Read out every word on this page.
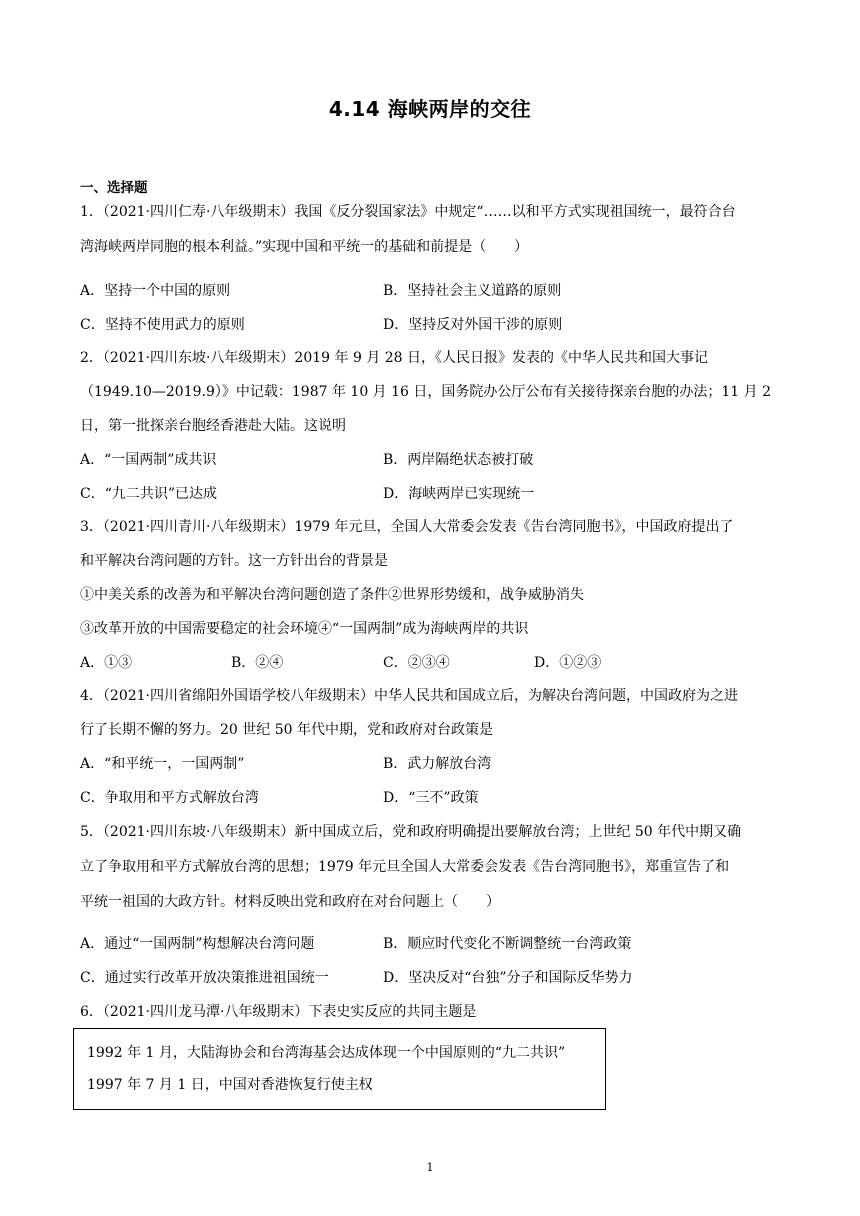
4.14 海峡两岸的交往
一、选择题
1．（2021·四川仁寿·八年级期末）我国《反分裂国家法》中规定“……以和平方式实现祖国统一，最符合台
湾海峡两岸同胞的根本利益。”实现中国和平统一的基础和前提是（　　）
A．坚持一个中国的原则	B．坚持社会主义道路的原则
C．坚持不使用武力的原则	D．坚持反对外国干涉的原则
2．（2021·四川东坡·八年级期末）2019 年 9 月 28 日，《人民日报》发表的《中华人民共和国大事记
（1949.10—2019.9）》中记载：1987 年 10 月 16 日，国务院办公厅公布有关接待探亲台胞的办法；11 月 2
日，第一批探亲台胞经香港赴大陆。这说明
A．“一国两制”成共识	B．两岸隔绝状态被打破
C．“九二共识”已达成	D．海峡两岸已实现统一
3．（2021·四川青川·八年级期末）1979 年元旦，全国人大常委会发表《告台湾同胞书》，中国政府提出了
和平解决台湾问题的方针。这一方针出台的背景是
①中美关系的改善为和平解决台湾问题创造了条件②世界形势缓和，战争威胁消失
③改革开放的中国需要稳定的社会环境④“一国两制”成为海峡两岸的共识
A．①③	B．②④	C．②③④	D．①②③
4．（2021·四川省绵阳外国语学校八年级期末）中华人民共和国成立后，为解决台湾问题，中国政府为之进
行了长期不懈的努力。20 世纪 50 年代中期，党和政府对台政策是
A．“和平统一，一国两制”	B．武力解放台湾
C．争取用和平方式解放台湾	D．“三不”政策
5．（2021·四川东坡·八年级期末）新中国成立后，党和政府明确提出要解放台湾；上世纪 50 年代中期又确
立了争取用和平方式解放台湾的思想；1979 年元旦全国人大常委会发表《告台湾同胞书》，郑重宣告了和
平统一祖国的大政方针。材料反映出党和政府在对台问题上（　　）
A．通过“一国两制”构想解决台湾问题	B．顺应时代变化不断调整统一台湾政策
C．通过实行改革开放决策推进祖国统一	D．坚决反对“台独”分子和国际反华势力
6．（2021·四川龙马潭·八年级期末）下表史实反应的共同主题是
1992 年 1 月，大陆海协会和台湾海基会达成体现一个中国原则的“九二共识”
1997 年 7 月 1 日，中国对香港恢复行使主权
1
